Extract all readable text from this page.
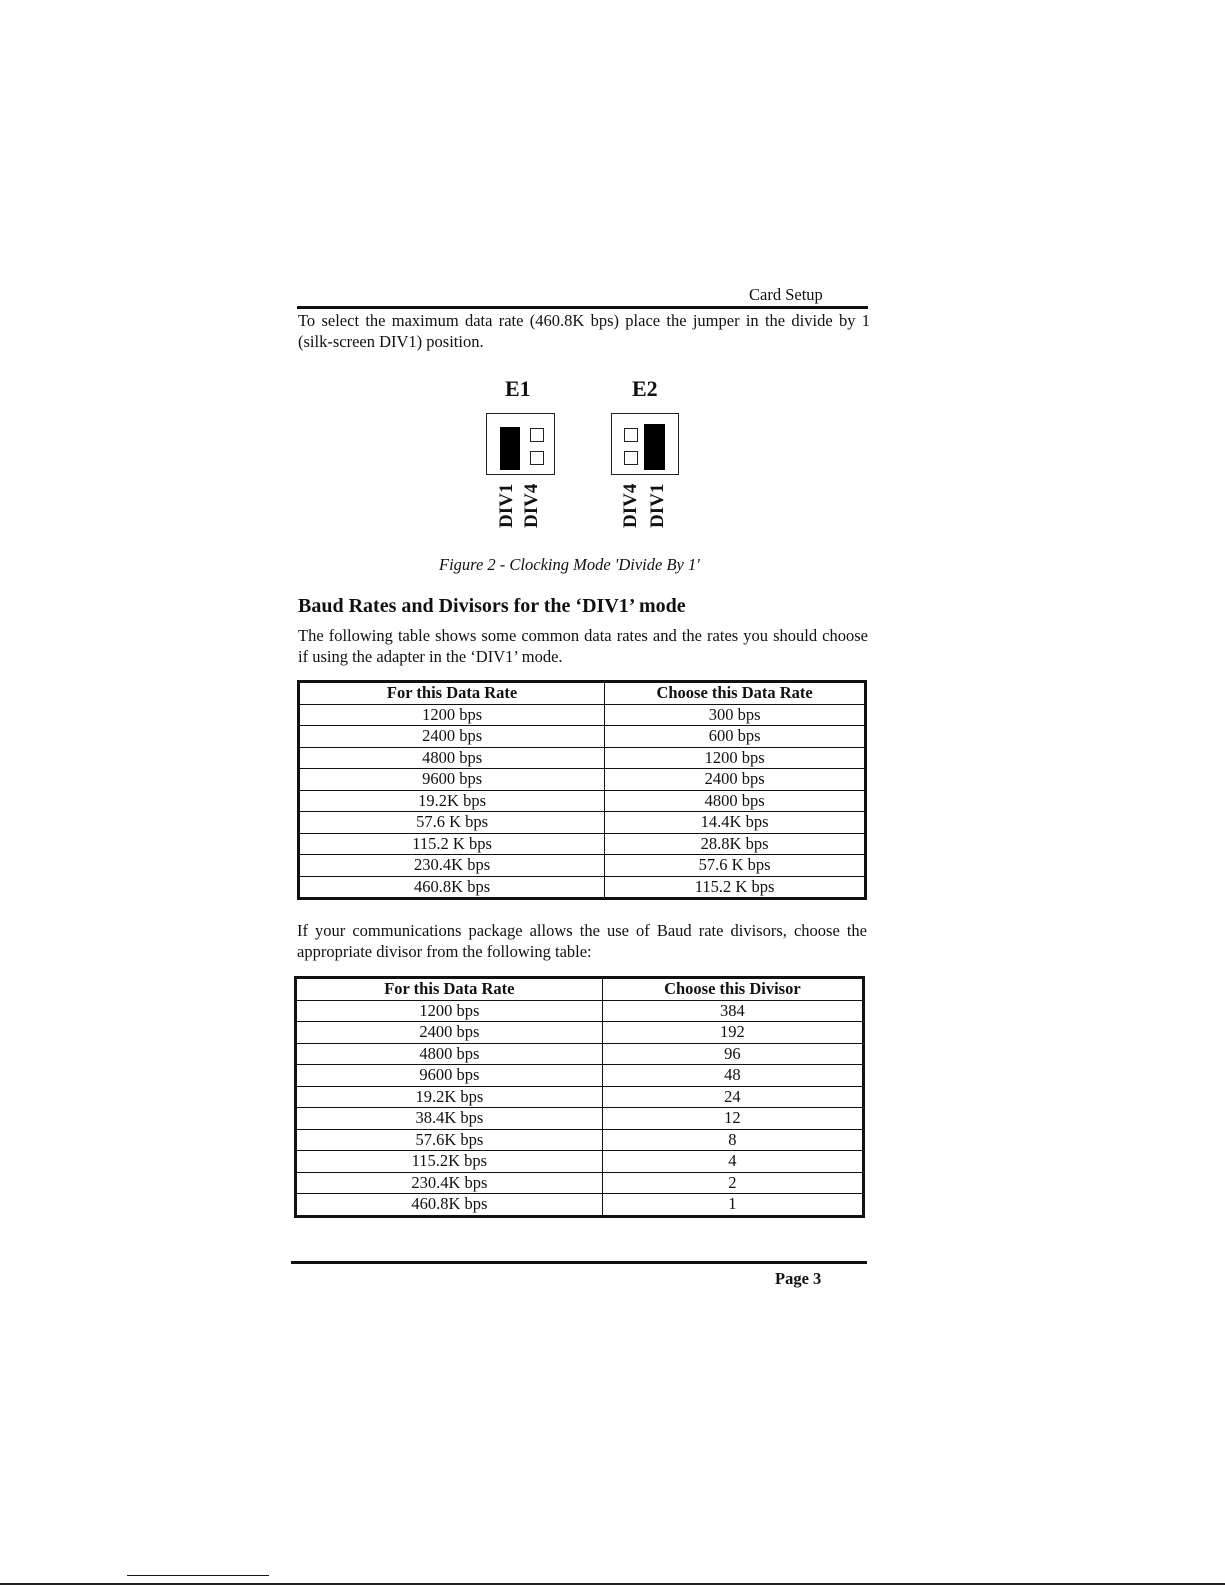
Card Setup
To select the maximum data rate (460.8K bps) place the jumper in the divide by 1 (silk-screen DIV1) position.
E1	E2
DIV1 DIV4	DIV4 DIV1
Figure 2 - Clocking Mode 'Divide By 1'
Baud Rates and Divisors for the ‘DIV1’ mode
The following table shows some common data rates and the rates you should choose if using the adapter in the ‘DIV1’ mode.
For this Data Rate	Choose this Data Rate
1200 bps	300 bps
2400 bps	600 bps
4800 bps	1200 bps
9600 bps	2400 bps
19.2K bps	4800 bps
57.6 K bps	14.4K bps
115.2 K bps	28.8K bps
230.4K bps	57.6 K bps
460.8K bps	115.2 K bps
If your communications package allows the use of Baud rate divisors, choose the appropriate divisor from the following table:
For this Data Rate	Choose this Divisor
1200 bps	384
2400 bps	192
4800 bps	96
9600 bps	48
19.2K bps	24
38.4K bps	12
57.6K bps	8
115.2K bps	4
230.4K bps	2
460.8K bps	1
Page 3
